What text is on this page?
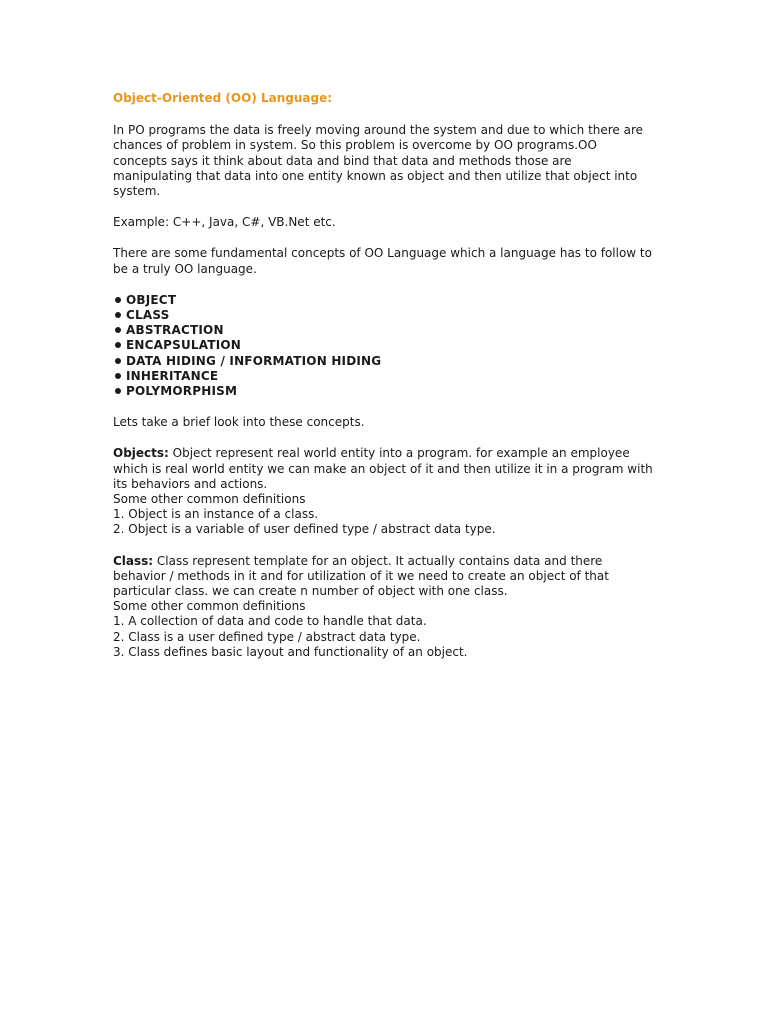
Object-Oriented (OO) Language:

In PO programs the data is freely moving around the system and due to which there are chances of problem in system. So this problem is overcome by OO programs.OO concepts says it think about data and bind that data and methods those are manipulating that data into one entity known as object and then utilize that object into system.

Example: C++, Java, C#, VB.Net etc.

There are some fundamental concepts of OO Language which a language has to follow to be a truly OO language.

OBJECT
CLASS
ABSTRACTION
ENCAPSULATION
DATA HIDING / INFORMATION HIDING
INHERITANCE
POLYMORPHISM

Lets take a brief look into these concepts.

Objects: Object represent real world entity into a program. for example an employee which is real world entity we can make an object of it and then utilize it in a program with its behaviors and actions.
Some other common definitions
1. Object is an instance of a class.
2. Object is a variable of user defined type / abstract data type.

Class: Class represent template for an object. It actually contains data and there behavior / methods in it and for utilization of it we need to create an object of that particular class. we can create n number of object with one class.
Some other common definitions
1. A collection of data and code to handle that data.
2. Class is a user defined type / abstract data type.
3. Class defines basic layout and functionality of an object.
